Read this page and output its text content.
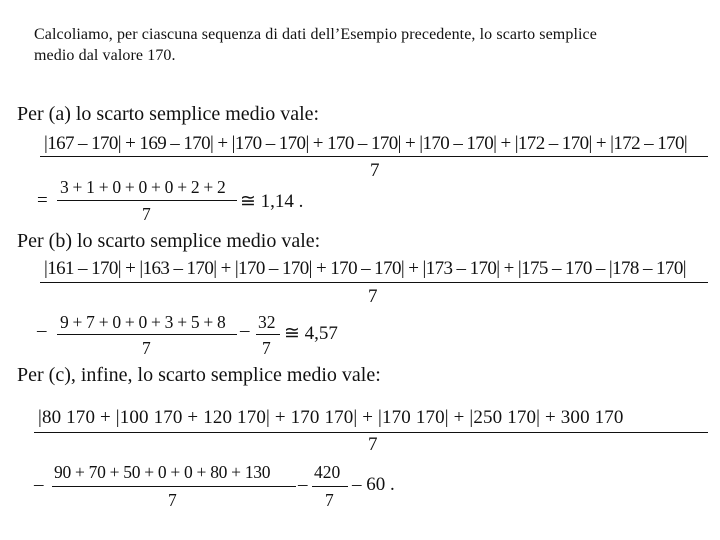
Calcoliamo, per ciascuna sequenza di dati dell’Esempio precedente, lo scarto semplice
medio dal valore 170.
Per (a) lo scarto semplice medio vale:
|167 – 170| + 169 – 170| + |170 – 170| + 170 – 170| + |170 – 170| + |172 – 170| + |172 – 170|
7
=
3 + 1 + 0 + 0 + 0 + 2 + 2
7
≅ 1,14 .
Per (b) lo scarto semplice medio vale:
|161 – 170| + |163 – 170| + |170 – 170| + 170 – 170| + |173 – 170| + |175 – 170 – |178 – 170|
7
– 9 + 7 + 0 + 0 + 3 + 5 + 8
7
– 32
7
≅ 4,57
Per (c), infine, lo scarto semplice medio vale:
|80 170 + |100 170 + 120 170| + 170 170| + |170 170| + |250 170| + 300 170
7
–
90 + 70 + 50 + 0 + 0 + 80 + 130
7
–
420
7
– 60 .
